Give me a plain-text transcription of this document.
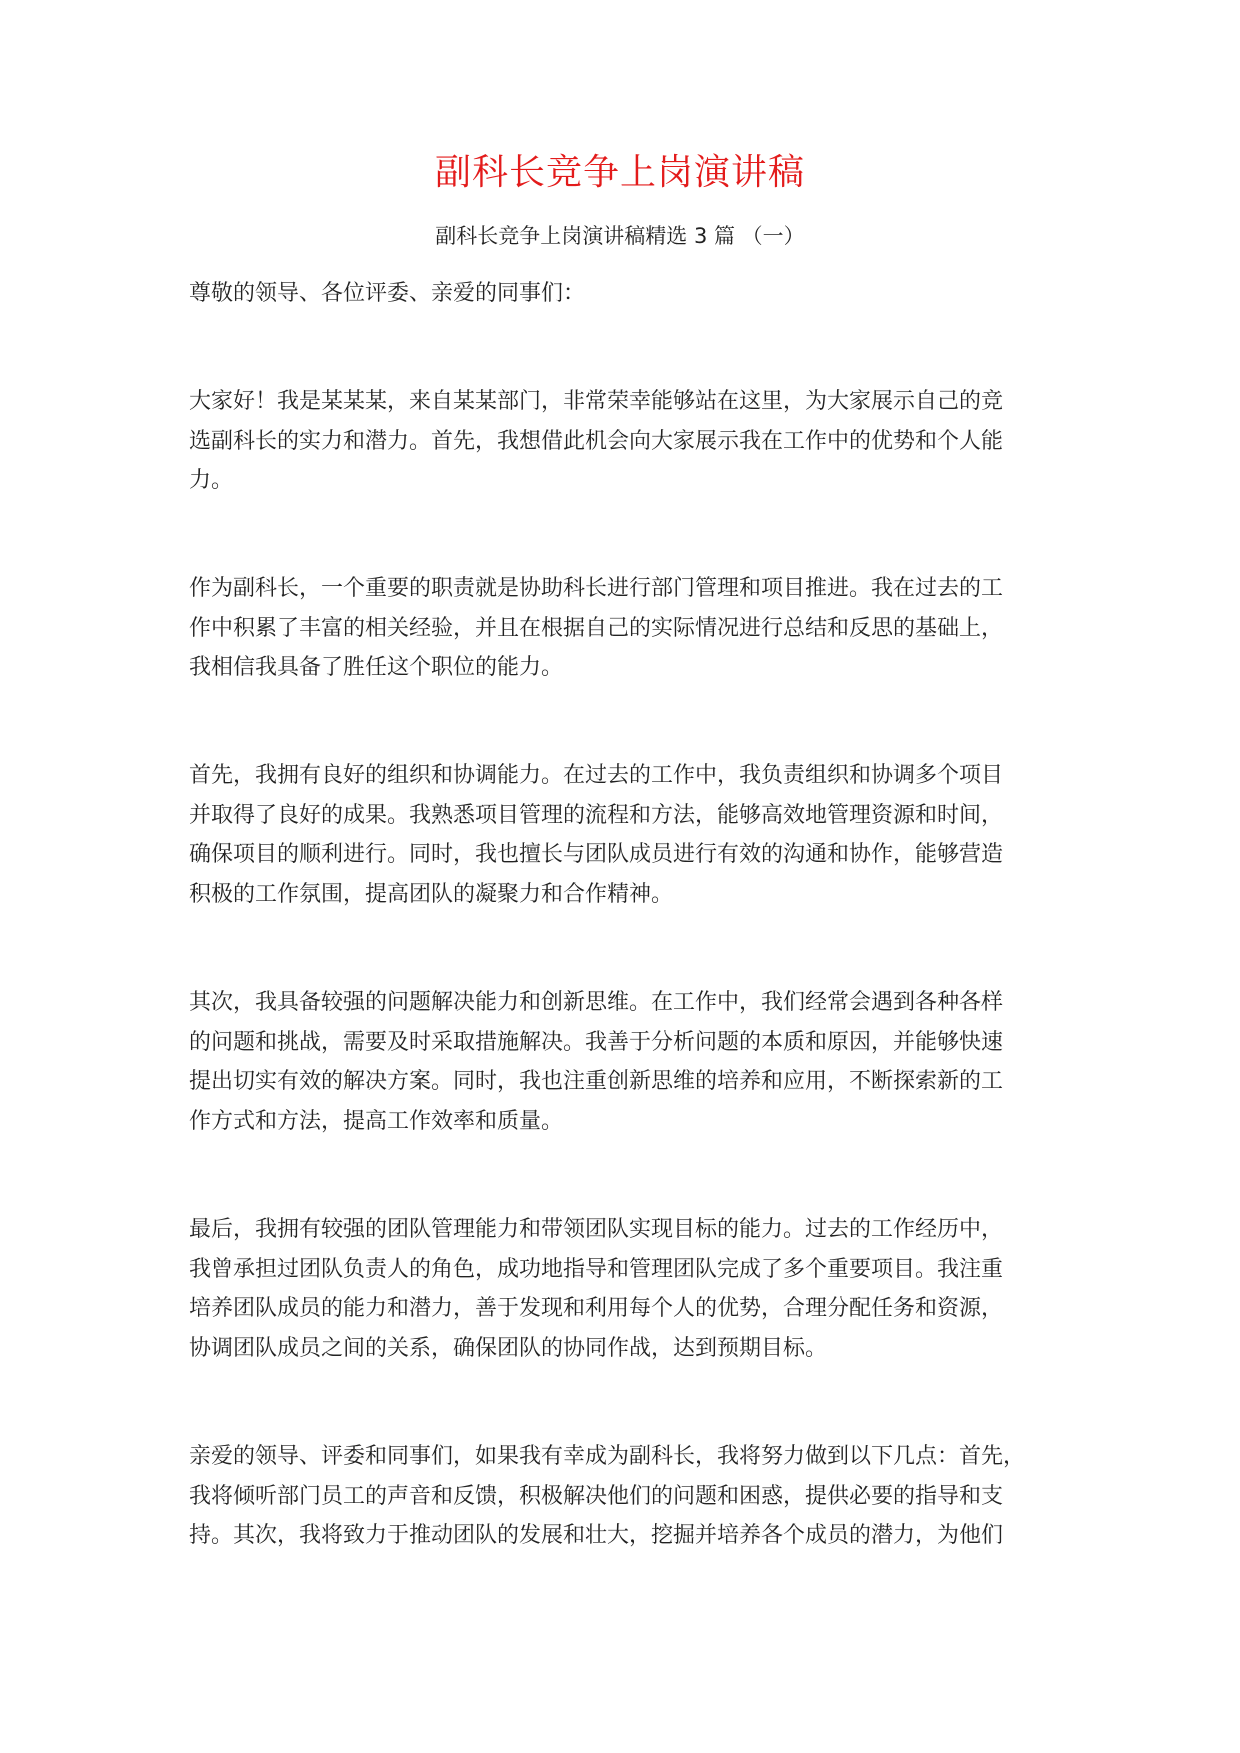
副科长竞争上岗演讲稿
副科长竞争上岗演讲稿精选 3 篇 （一）
尊敬的领导、各位评委、亲爱的同事们：
大家好！我是某某某，来自某某部门，非常荣幸能够站在这里，为大家展示自己的竞
选副科长的实力和潜力。首先，我想借此机会向大家展示我在工作中的优势和个人能
力。
作为副科长，一个重要的职责就是协助科长进行部门管理和项目推进。我在过去的工
作中积累了丰富的相关经验，并且在根据自己的实际情况进行总结和反思的基础上，
我相信我具备了胜任这个职位的能力。
首先，我拥有良好的组织和协调能力。在过去的工作中，我负责组织和协调多个项目
并取得了良好的成果。我熟悉项目管理的流程和方法，能够高效地管理资源和时间，
确保项目的顺利进行。同时，我也擅长与团队成员进行有效的沟通和协作，能够营造
积极的工作氛围，提高团队的凝聚力和合作精神。
其次，我具备较强的问题解决能力和创新思维。在工作中，我们经常会遇到各种各样
的问题和挑战，需要及时采取措施解决。我善于分析问题的本质和原因，并能够快速
提出切实有效的解决方案。同时，我也注重创新思维的培养和应用，不断探索新的工
作方式和方法，提高工作效率和质量。
最后，我拥有较强的团队管理能力和带领团队实现目标的能力。过去的工作经历中，
我曾承担过团队负责人的角色，成功地指导和管理团队完成了多个重要项目。我注重
培养团队成员的能力和潜力，善于发现和利用每个人的优势，合理分配任务和资源，
协调团队成员之间的关系，确保团队的协同作战，达到预期目标。
亲爱的领导、评委和同事们，如果我有幸成为副科长，我将努力做到以下几点：首先，
我将倾听部门员工的声音和反馈，积极解决他们的问题和困惑，提供必要的指导和支
持。其次，我将致力于推动团队的发展和壮大，挖掘并培养各个成员的潜力，为他们
